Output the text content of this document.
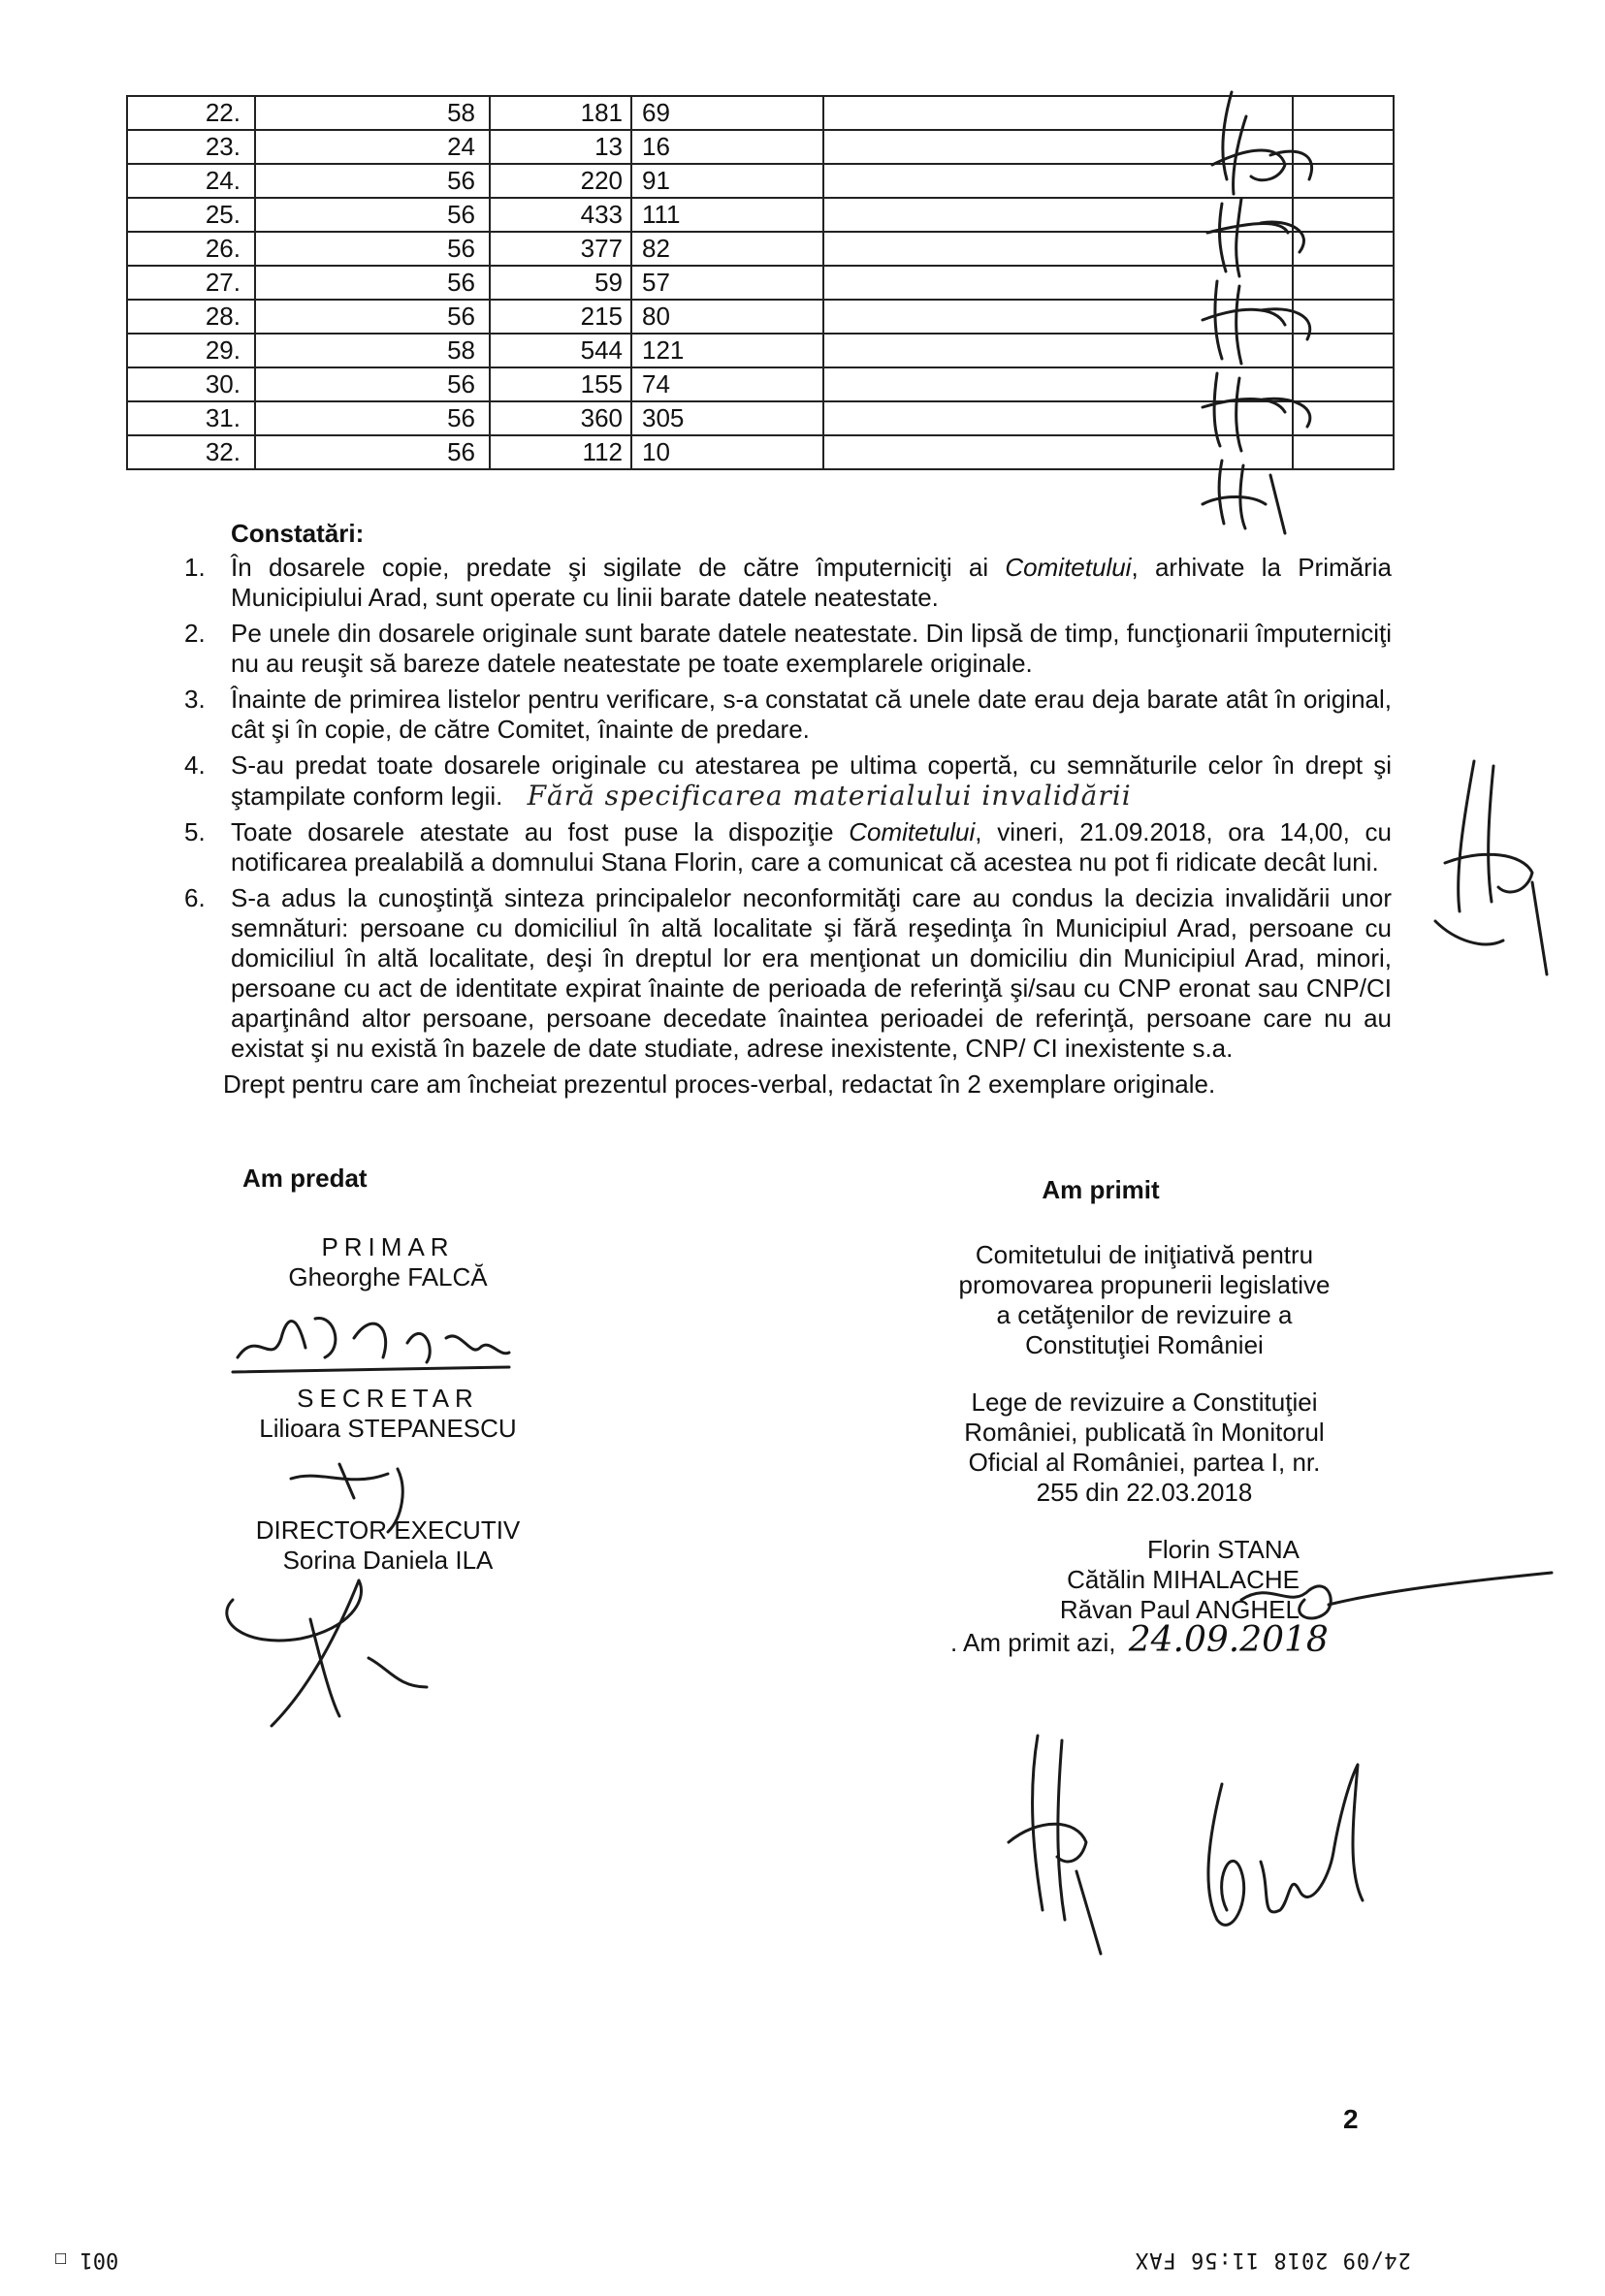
22.	58	181	69		
23.	24	13	16		
24.	56	220	91		
25.	56	433	111		
26.	56	377	82		
27.	56	59	57		
28.	56	215	80		
29.	58	544	121		
30.	56	155	74		
31.	56	360	305		
32.	56	112	10		
Constatări:
1. În dosarele copie, predate şi sigilate de către împuterniciţi ai Comitetului, arhivate la Primăria Municipiului Arad, sunt operate cu linii barate datele neatestate.
2. Pe unele din dosarele originale sunt barate datele neatestate. Din lipsă de timp, funcţionarii împuterniciţi nu au reuşit să bareze datele neatestate pe toate exemplarele originale.
3. Înainte de primirea listelor pentru verificare, s-a constatat că unele date erau deja barate atât în original, cât şi în copie, de către Comitet, înainte de predare.
4. S-au predat toate dosarele originale cu atestarea pe ultima copertă, cu semnăturile celor în drept şi ştampilate conform legii. Fără specificarea materialului invalidării
5. Toate dosarele atestate au fost puse la dispoziţie Comitetului, vineri, 21.09.2018, ora 14,00, cu notificarea prealabilă a domnului Stana Florin, care a comunicat că acestea nu pot fi ridicate decât luni.
6. S-a adus la cunoştinţă sinteza principalelor neconformităţi care au condus la decizia invalidării unor semnături: persoane cu domiciliul în altă localitate şi fără reşedinţa în Municipiul Arad, persoane cu domiciliul în altă localitate, deşi în dreptul lor era menţionat un domiciliu din Municipiul Arad, minori, persoane cu act de identitate expirat înainte de perioada de referinţă şi/sau cu CNP eronat sau CNP/CI aparţinând altor persoane, persoane decedate înaintea perioadei de referinţă, persoane care nu au existat şi nu există în bazele de date studiate, adrese inexistente, CNP/ CI inexistente s.a.
Drept pentru care am încheiat prezentul proces-verbal, redactat în 2 exemplare originale.
Am predat
PRIMAR
Gheorghe FALCĂ
SECRETAR
Lilioara STEPANESCU
DIRECTOR EXECUTIV
Sorina Daniela ILA
Am primit

Comitetului de iniţiativă pentru

promovarea propunerii legislative

a cetăţenilor de revizuire a

Constituţiei României

Lege de revizuire a Constituţiei

României, publicată în Monitorul

Oficial al României, partea I, nr.

255 din 22.03.2018

Florin STANA

Cătălin MIHALACHE

Răvan Paul ANGHEL

. Am primit azi, 24.09.2018

2
001 ☐	24/09 2018 11:56 FAX
